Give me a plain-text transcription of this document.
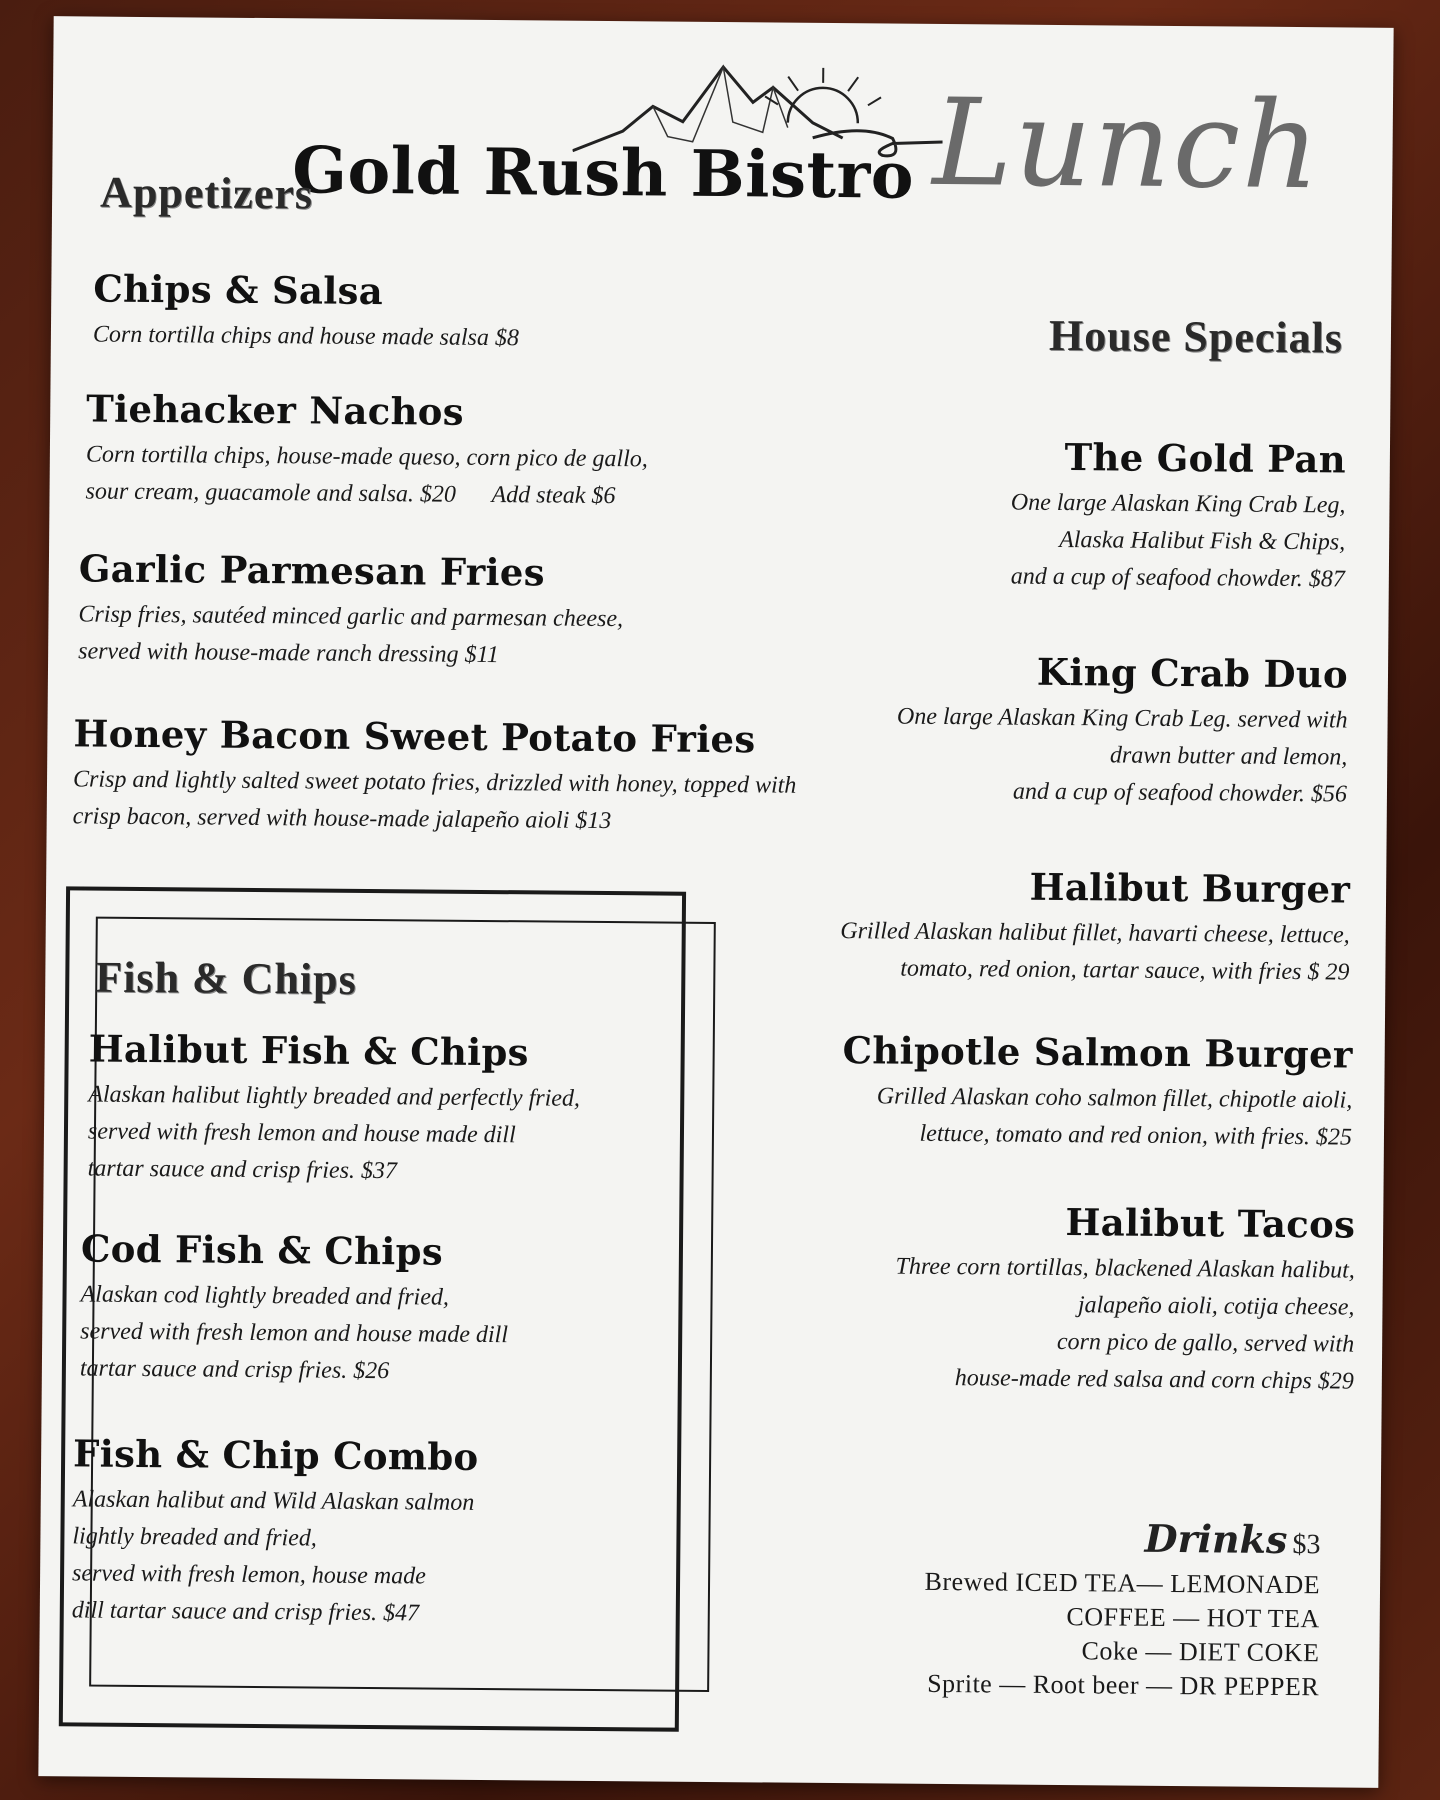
Gold Rush Bistro Lunch
Appetizers
Chips & Salsa

Corn tortilla chips and house made salsa $8

Tiehacker Nachos

Corn tortilla chips, house-made queso, corn pico de gallo,

sour cream, guacamole and salsa. $20      Add steak $6

Garlic Parmesan Fries

Crisp fries, sautéed minced garlic and parmesan cheese,

served with house-made ranch dressing $11

Honey Bacon Sweet Potato Fries

Crisp and lightly salted sweet potato fries, drizzled with honey, topped with

crisp bacon, served with house-made jalapeño aioli $13

Fish & Chips
Halibut Fish & Chips

Alaskan halibut lightly breaded and perfectly fried,

served with fresh lemon and house made dill

tartar sauce and crisp fries. $37

Cod Fish & Chips

Alaskan cod lightly breaded and fried,

served with fresh lemon and house made dill

tartar sauce and crisp fries. $26

Fish & Chip Combo

Alaskan halibut and Wild Alaskan salmon

lightly breaded and fried,

served with fresh lemon, house made

dill tartar sauce and crisp fries. $47

House Specials
The Gold Pan

One large Alaskan King Crab Leg,

Alaska Halibut Fish & Chips,

and a cup of seafood chowder. $87

King Crab Duo

One large Alaskan King Crab Leg. served with

drawn butter and lemon,

and a cup of seafood chowder. $56

Halibut Burger

Grilled Alaskan halibut fillet, havarti cheese, lettuce,

tomato, red onion, tartar sauce, with fries $ 29

Chipotle Salmon Burger

Grilled Alaskan coho salmon fillet, chipotle aioli,

lettuce, tomato and red onion, with fries. $25

Halibut Tacos

Three corn tortillas, blackened Alaskan halibut,

jalapeño aioli, cotija cheese,

corn pico de gallo, served with

house-made red salsa and corn chips $29

Drinks $3
Brewed ICED TEA— LEMONADE
COFFEE — HOT TEA
Coke — DIET COKE
Sprite — Root beer — DR PEPPER
